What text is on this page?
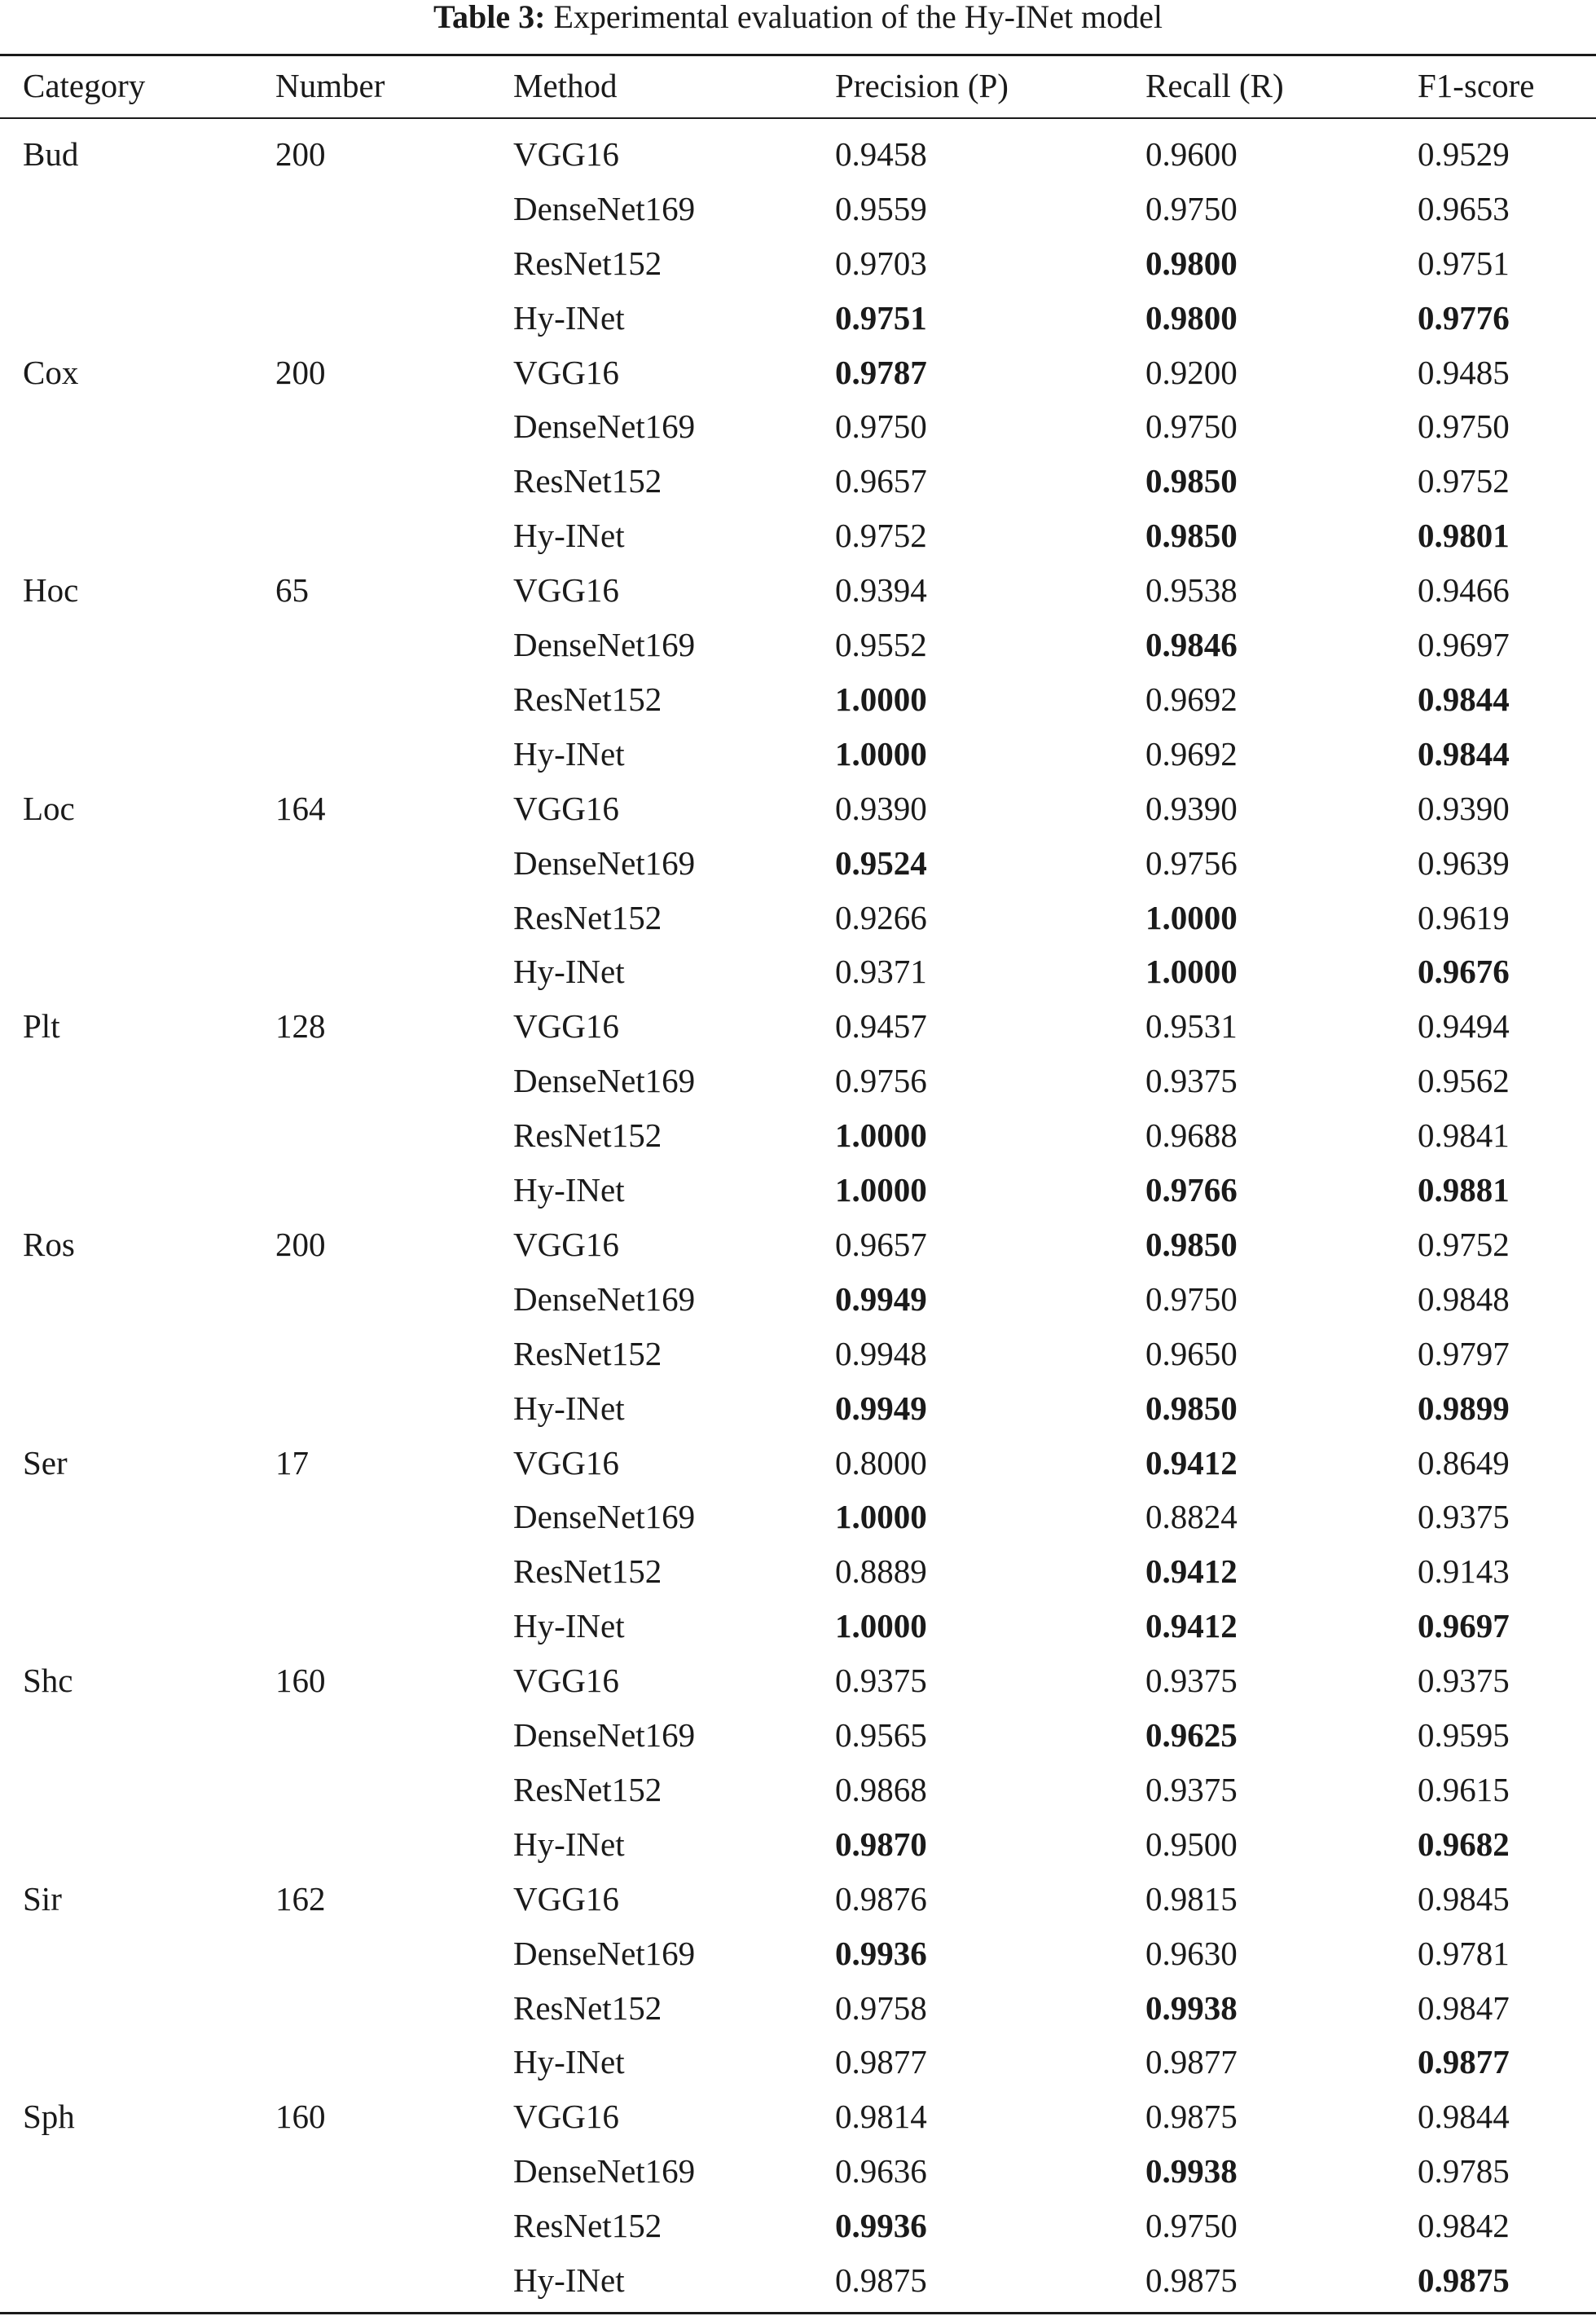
Table 3: Experimental evaluation of the Hy-INet model
Category	Number	Method	Precision (P)	Recall (R)	F1-score
Bud	200	VGG16	0.9458	0.9600	0.9529
DenseNet169	0.9559	0.9750	0.9653
ResNet152	0.9703	0.9800	0.9751
Hy-INet	0.9751	0.9800	0.9776
Cox	200	VGG16	0.9787	0.9200	0.9485
DenseNet169	0.9750	0.9750	0.9750
ResNet152	0.9657	0.9850	0.9752
Hy-INet	0.9752	0.9850	0.9801
Hoc	65	VGG16	0.9394	0.9538	0.9466
DenseNet169	0.9552	0.9846	0.9697
ResNet152	1.0000	0.9692	0.9844
Hy-INet	1.0000	0.9692	0.9844
Loc	164	VGG16	0.9390	0.9390	0.9390
DenseNet169	0.9524	0.9756	0.9639
ResNet152	0.9266	1.0000	0.9619
Hy-INet	0.9371	1.0000	0.9676
Plt	128	VGG16	0.9457	0.9531	0.9494
DenseNet169	0.9756	0.9375	0.9562
ResNet152	1.0000	0.9688	0.9841
Hy-INet	1.0000	0.9766	0.9881
Ros	200	VGG16	0.9657	0.9850	0.9752
DenseNet169	0.9949	0.9750	0.9848
ResNet152	0.9948	0.9650	0.9797
Hy-INet	0.9949	0.9850	0.9899
Ser	17	VGG16	0.8000	0.9412	0.8649
DenseNet169	1.0000	0.8824	0.9375
ResNet152	0.8889	0.9412	0.9143
Hy-INet	1.0000	0.9412	0.9697
Shc	160	VGG16	0.9375	0.9375	0.9375
DenseNet169	0.9565	0.9625	0.9595
ResNet152	0.9868	0.9375	0.9615
Hy-INet	0.9870	0.9500	0.9682
Sir	162	VGG16	0.9876	0.9815	0.9845
DenseNet169	0.9936	0.9630	0.9781
ResNet152	0.9758	0.9938	0.9847
Hy-INet	0.9877	0.9877	0.9877
Sph	160	VGG16	0.9814	0.9875	0.9844
DenseNet169	0.9636	0.9938	0.9785
ResNet152	0.9936	0.9750	0.9842
Hy-INet	0.9875	0.9875	0.9875
